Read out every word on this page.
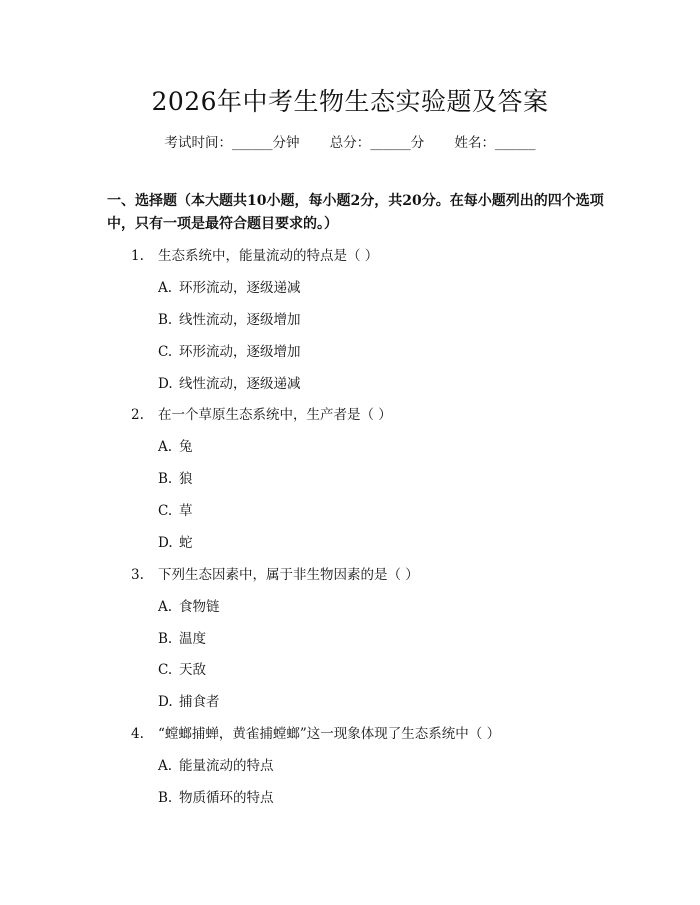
2026年中考生物生态实验题及答案
考试时间：______分钟 总分：______分 姓名：______
一、选择题（本大题共10小题，每小题2分，共20分。在每小题列出的四个选项中，只有一项是最符合题目要求的。）
1. 生态系统中，能量流动的特点是（ ）
A. 环形流动，逐级递减
B. 线性流动，逐级增加
C. 环形流动，逐级增加
D. 线性流动，逐级递减
2. 在一个草原生态系统中，生产者是（ ）
A. 兔
B. 狼
C. 草
D. 蛇
3. 下列生态因素中，属于非生物因素的是（ ）
A. 食物链
B. 温度
C. 天敌
D. 捕食者
4. “螳螂捕蝉，黄雀捕螳螂”这一现象体现了生态系统中（ ）
A. 能量流动的特点
B. 物质循环的特点
